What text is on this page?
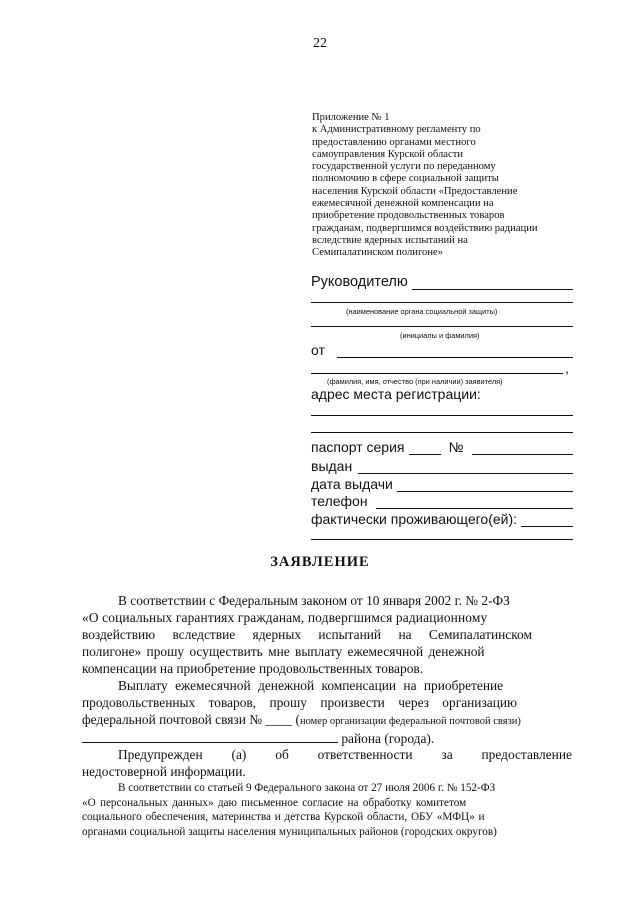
22
Приложение № 1
к Административному регламенту по
предоставлению органами местного
самоуправления Курской области
государственной услуги по переданному
полномочию в сфере социальной защиты
населения Курской области «Предоставление
ежемесячной денежной компенсации на
приобретение продовольственных товаров
гражданам, подвергшимся воздействию радиации
вследствие ядерных испытаний на
Семипалатинском полигоне»
Руководителю
(наименование органа социальной защиты)
(инициалы и фамилия)
от
,
(фамилия, имя, отчество (при наличии) заявителя)
адрес места регистрации:
паспорт серия	№
выдан
дата выдачи
телефон
фактически проживающего(ей):
ЗАЯВЛЕНИЕ
В соответствии с Федеральным законом от 10 января 2002 г. № 2-ФЗ
«О социальных гарантиях гражданам, подвергшимся радиационному
воздействию вследствие ядерных испытаний на Семипалатинском
полигоне» прошу осуществить мне выплату ежемесячной денежной
компенсации на приобретение продовольственных товаров.
Выплату ежемесячной денежной компенсации на приобретение
продовольственных товаров, прошу произвести через организацию
федеральной почтовой связи № ____ (номер организации федеральной почтовой связи)
района (города).
Предупрежден (а) об ответственности за предоставление
недостоверной информации.
В соответствии со статьей 9 Федерального закона от 27 июля 2006 г. № 152-ФЗ
«О персональных данных» даю письменное согласие на обработку комитетом
социального обеспечения, материнства и детства Курской области, ОБУ «МФЦ» и
органами социальной защиты населения муниципальных районов (городских округов)
